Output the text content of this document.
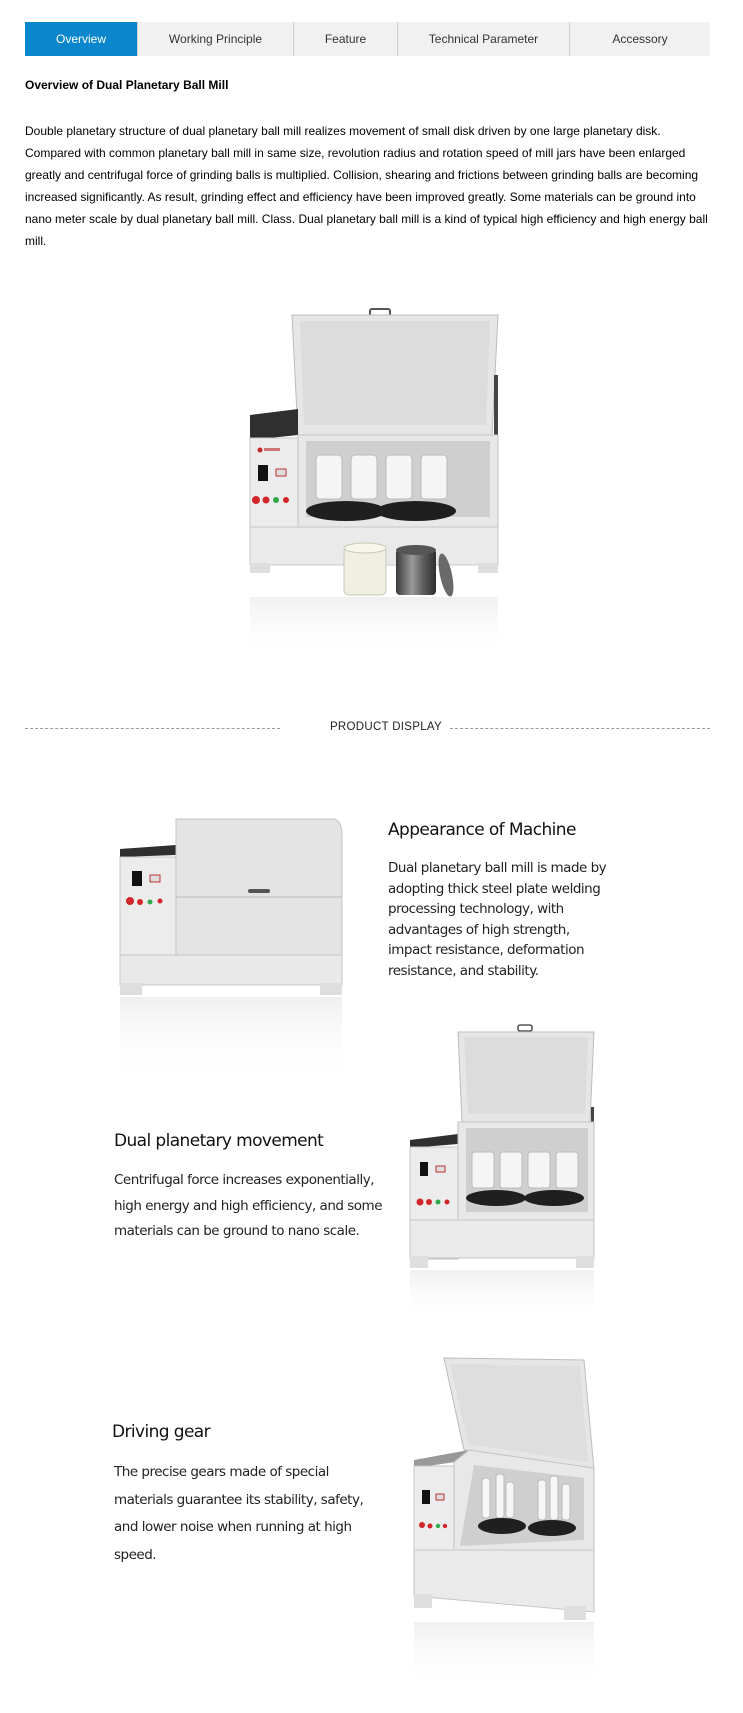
Overview	Working Principle	Feature	Technical Parameter	Accessory
Overview of Dual Planetary Ball Mill

Double planetary structure of dual planetary ball mill realizes movement of small disk driven by one large planetary disk. Compared with common planetary ball mill in same size, revolution radius and rotation speed of mill jars have been enlarged greatly and centrifugal force of grinding balls is multiplied. Collision, shearing and frictions between grinding balls are becoming increased significantly. As result, grinding effect and efficiency have been improved greatly. Some materials can be ground into nano meter scale by dual planetary ball mill. Class. Dual planetary ball mill is a kind of typical high efficiency and high energy ball mill.

PRODUCT DISPLAY
Appearance of Machine
Dual planetary ball mill is made by
adopting thick steel plate welding
processing technology, with
advantages of high strength,
impact resistance, deformation
resistance, and stability.
Dual planetary movement
Centrifugal force increases exponentially,
high energy and high efficiency, and some
materials can be ground to nano scale.
Driving gear
The precise gears made of special
materials guarantee its stability, safety,
and lower noise when running at high
speed.
